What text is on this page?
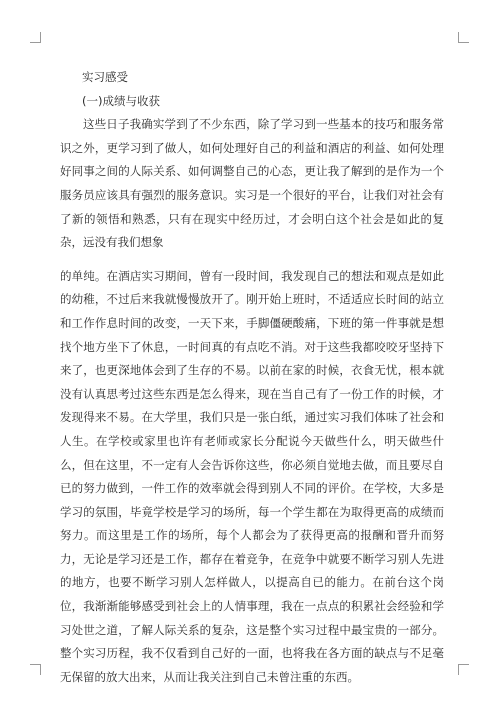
实习感受

(一)成绩与收获

这些日子我确实学到了不少东西，除了学习到一些基本的技巧和服务常识之外，更学习到了做人，如何处理好自己的利益和酒店的利益、如何处理好同事之间的人际关系、如何调整自己的心态，更让我了解到的是作为一个服务员应该具有强烈的服务意识。实习是一个很好的平台，让我们对社会有了新的领悟和熟悉，只有在现实中经历过，才会明白这个社会是如此的复杂，远没有我们想象

的单纯。在酒店实习期间，曾有一段时间，我发现自己的想法和观点是如此的幼稚，不过后来我就慢慢放开了。刚开始上班时，不适适应长时间的站立和工作作息时间的改变，一天下来，手脚僵硬酸痛，下班的第一件事就是想找个地方坐下了休息，一时间真的有点吃不消。对于这些我都咬咬牙坚持下来了，也更深地体会到了生存的不易。以前在家的时候，衣食无忧，根本就没有认真思考过这些东西是怎么得来，现在当自己有了一份工作的时候，才发现得来不易。在大学里，我们只是一张白纸，通过实习我们体味了社会和人生。在学校或家里也许有老师或家长分配说今天做些什么，明天做些什么，但在这里，不一定有人会告诉你这些，你必须自觉地去做，而且要尽自已的努力做到，一件工作的效率就会得到别人不同的评价。在学校，大多是学习的氛围，毕竟学校是学习的场所，每一个学生都在为取得更高的成绩而努力。而这里是工作的场所，每个人都会为了获得更高的报酬和晋升而努力，无论是学习还是工作，都存在着竞争，在竞争中就要不断学习别人先进的地方，也要不断学习别人怎样做人，以提高自已的能力。在前台这个岗位，我渐渐能够感受到社会上的人情事理，我在一点点的积累社会经验和学习处世之道，了解人际关系的复杂，这是整个实习过程中最宝贵的一部分。整个实习历程，我不仅看到自己好的一面，也将我在各方面的缺点与不足毫无保留的放大出来，从而让我关注到自己未曾注重的东西。
